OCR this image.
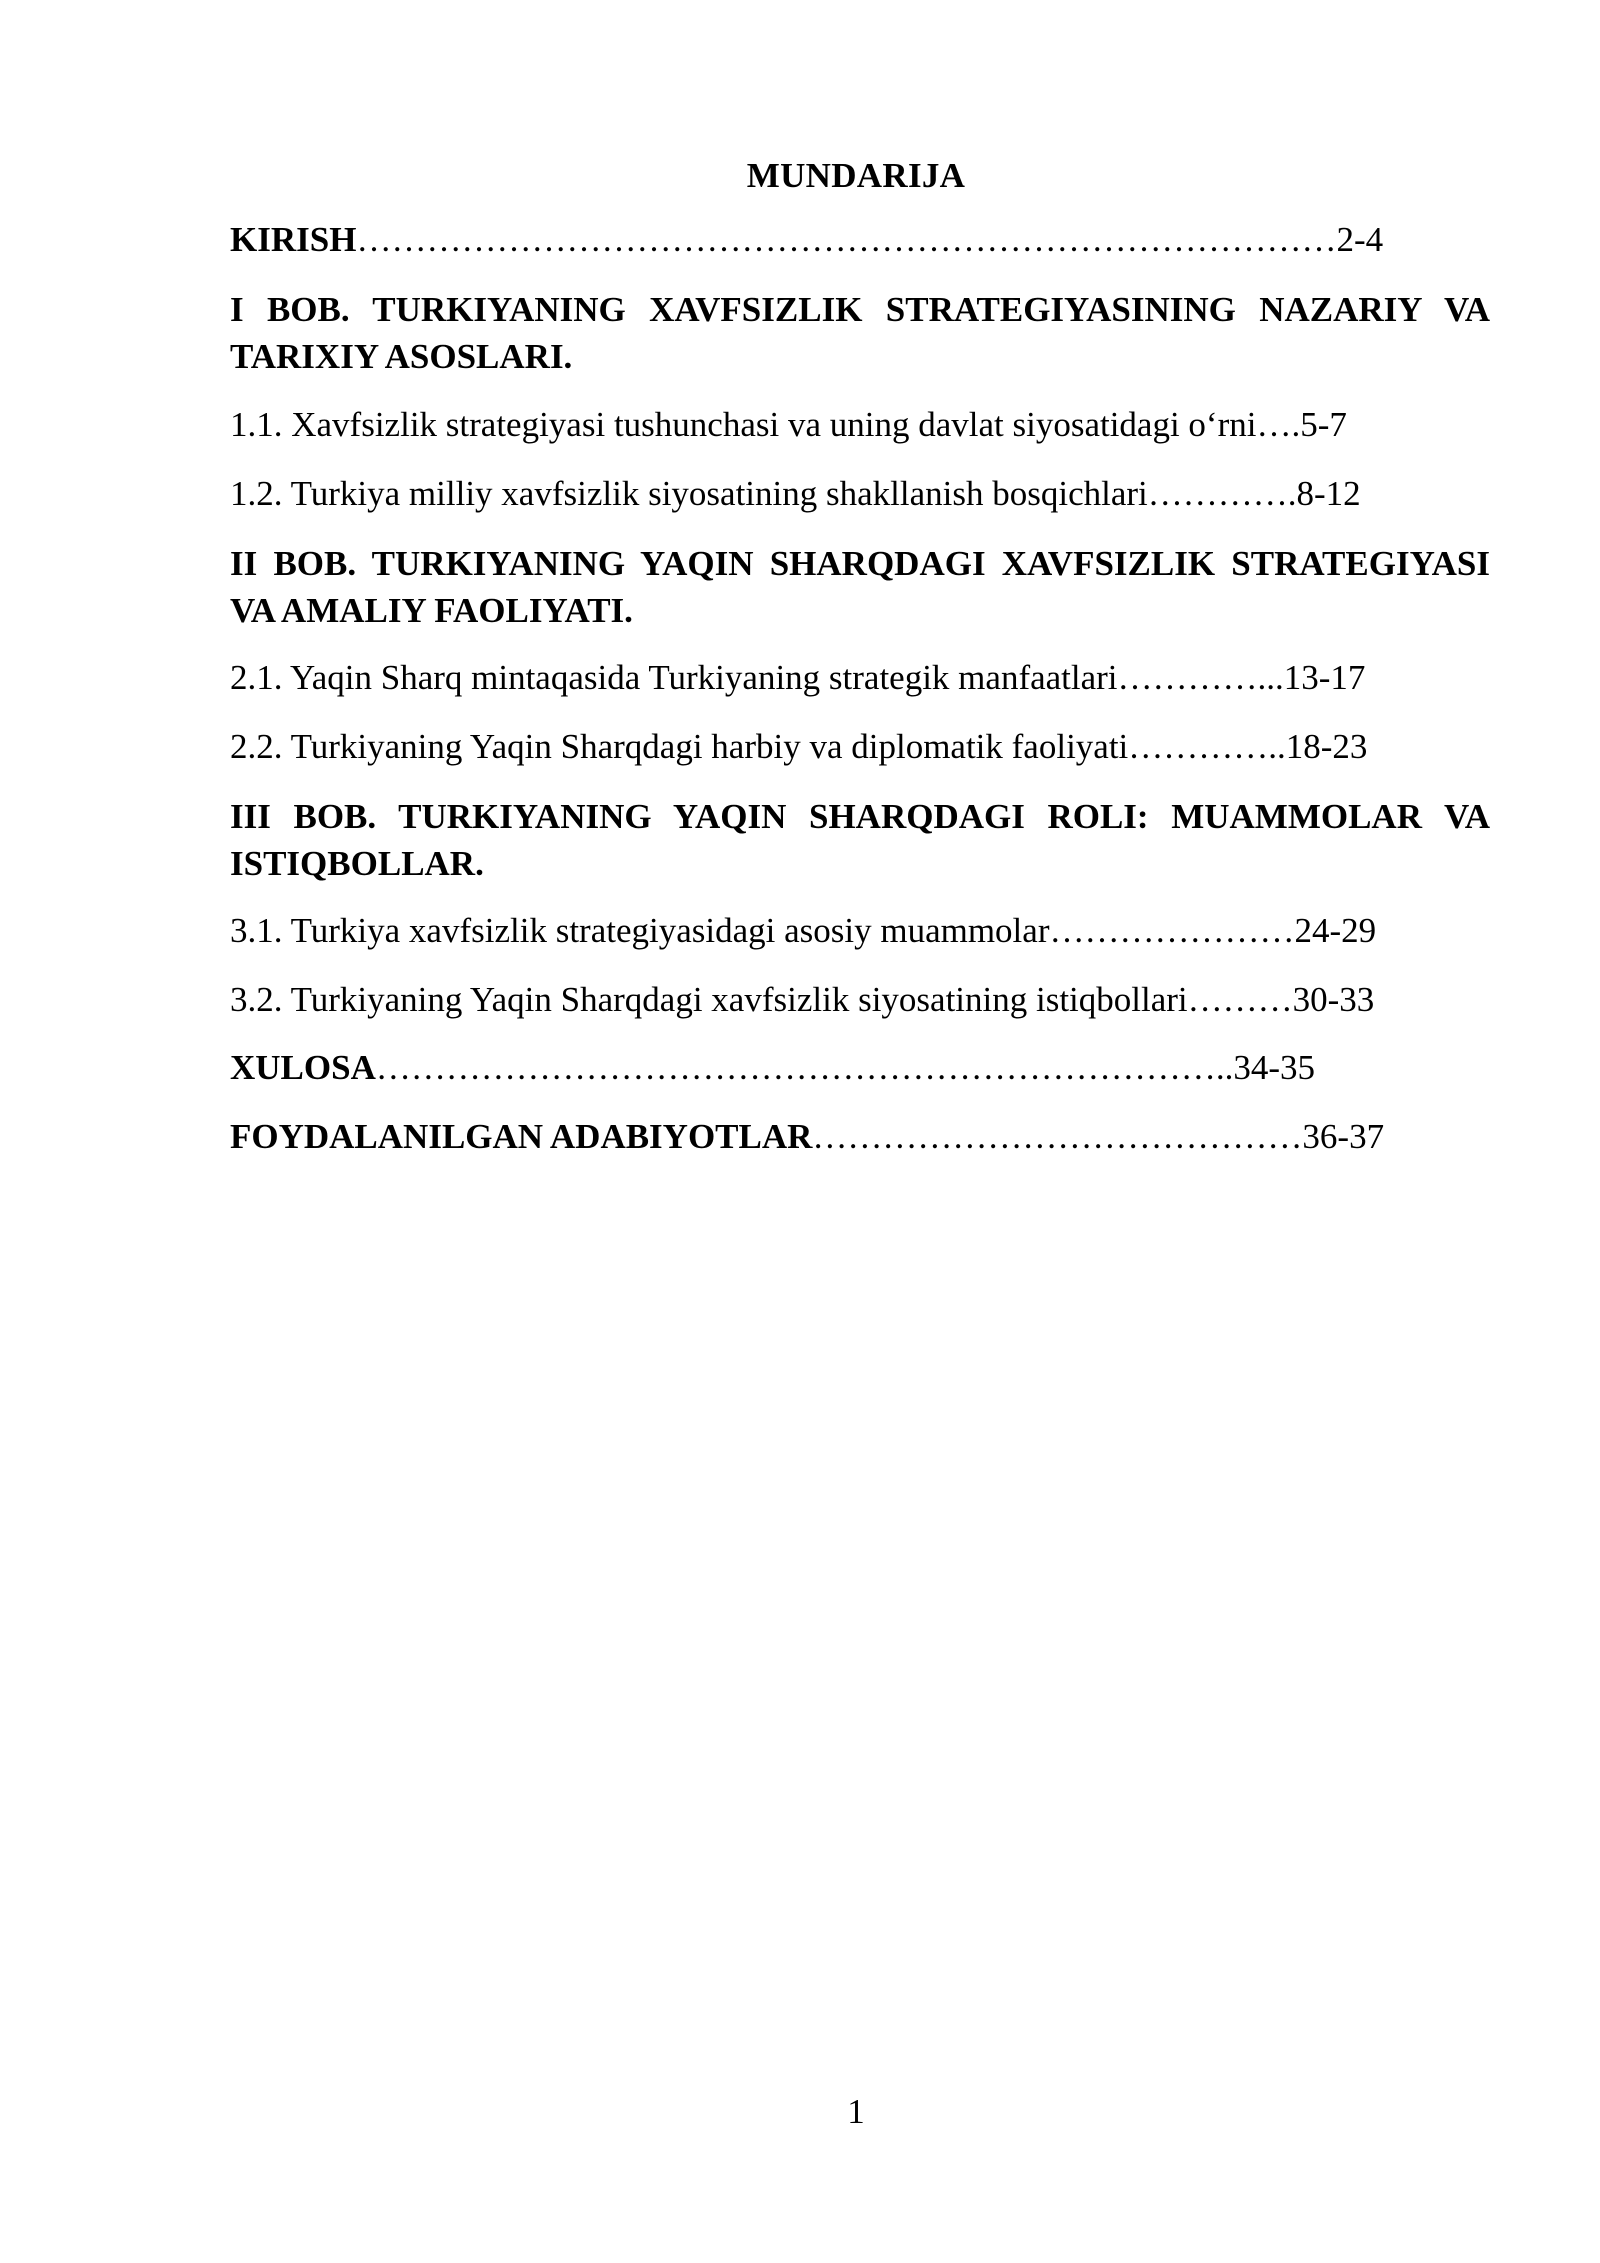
MUNDARIJA
KIRISH…………………………………………………………………………2-4
I BOB. TURKIYANING XAVFSIZLIK STRATEGIYASINING NAZARIY VA TARIXIY ASOSLARI.
1.1. Xavfsizlik strategiyasi tushunchasi va uning davlat siyosatidagi o‘rni….5-7
1.2. Turkiya milliy xavfsizlik siyosatining shakllanish bosqichlari………….8-12
II BOB. TURKIYANING YAQIN SHARQDAGI XAVFSIZLIK STRATEGIYASI VA AMALIY FAOLIYATI.
2.1. Yaqin Sharq mintaqasida Turkiyaning strategik manfaatlari…………...13-17
2.2. Turkiyaning Yaqin Sharqdagi harbiy va diplomatik faoliyati…………..18-23
III BOB. TURKIYANING YAQIN SHARQDAGI ROLI: MUAMMOLAR VA ISTIQBOLLAR.
3.1. Turkiya xavfsizlik strategiyasidagi asosiy muammolar…………………24-29
3.2. Turkiyaning Yaqin Sharqdagi xavfsizlik siyosatining istiqbollari………30-33
XULOSA………………………………………………………………..34-35
FOYDALANILGAN ADABIYOTLAR……………………………………36-37
1
